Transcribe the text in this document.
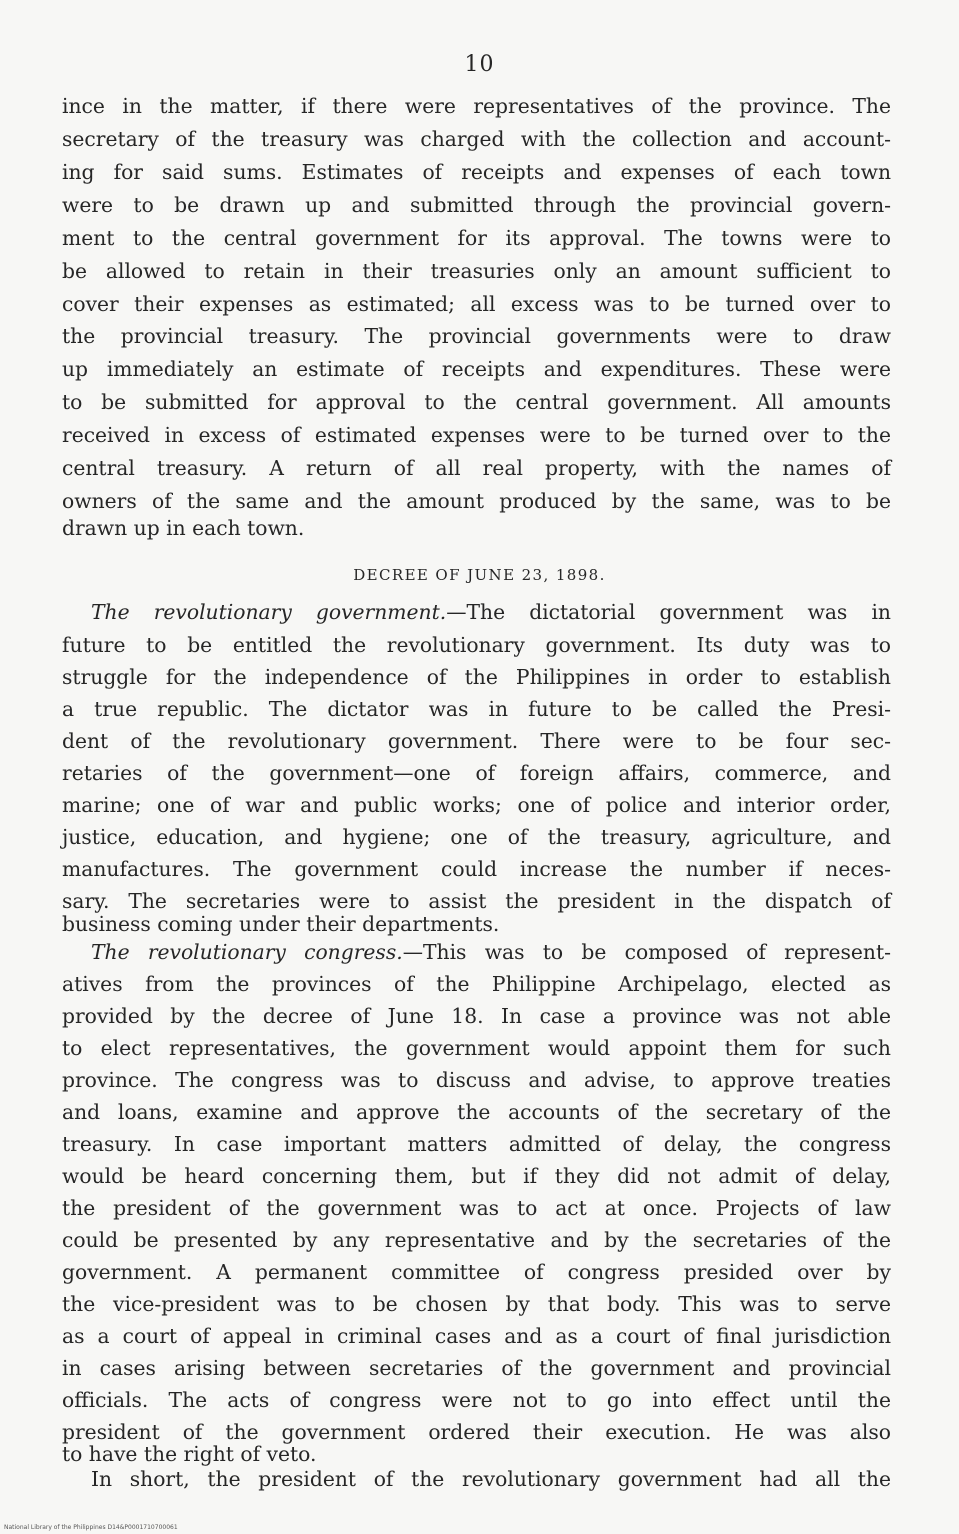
10
ince in the matter, if there were representatives of the province. The
secretary of the treasury was charged with the collection and account-
ing for said sums. Estimates of receipts and expenses of each town
were to be drawn up and submitted through the provincial govern-
ment to the central government for its approval. The towns were to
be allowed to retain in their treasuries only an amount sufficient to
cover their expenses as estimated; all excess was to be turned over to
the provincial treasury. The provincial governments were to draw
up immediately an estimate of receipts and expenditures. These were
to be submitted for approval to the central government. All amounts
received in excess of estimated expenses were to be turned over to the
central treasury. A return of all real property, with the names of
owners of the same and the amount produced by the same, was to be
drawn up in each town.
DECREE OF JUNE 23, 1898.
The revolutionary government.—The dictatorial government was in
future to be entitled the revolutionary government. Its duty was to
struggle for the independence of the Philippines in order to establish
a true republic. The dictator was in future to be called the Presi-
dent of the revolutionary government. There were to be four sec-
retaries of the government—one of foreign affairs, commerce, and
marine; one of war and public works; one of police and interior order,
justice, education, and hygiene; one of the treasury, agriculture, and
manufactures. The government could increase the number if neces-
sary. The secretaries were to assist the president in the dispatch of
business coming under their departments.
The revolutionary congress.—This was to be composed of represent-
atives from the provinces of the Philippine Archipelago, elected as
provided by the decree of June 18. In case a province was not able
to elect representatives, the government would appoint them for such
province. The congress was to discuss and advise, to approve treaties
and loans, examine and approve the accounts of the secretary of the
treasury. In case important matters admitted of delay, the congress
would be heard concerning them, but if they did not admit of delay,
the president of the government was to act at once. Projects of law
could be presented by any representative and by the secretaries of the
government. A permanent committee of congress presided over by
the vice-president was to be chosen by that body. This was to serve
as a court of appeal in criminal cases and as a court of final jurisdiction
in cases arising between secretaries of the government and provincial
officials. The acts of congress were not to go into effect until the
president of the government ordered their execution. He was also
to have the right of veto.
In short, the president of the revolutionary government had all the
National Library of the Philippines D14&P0001710700061
